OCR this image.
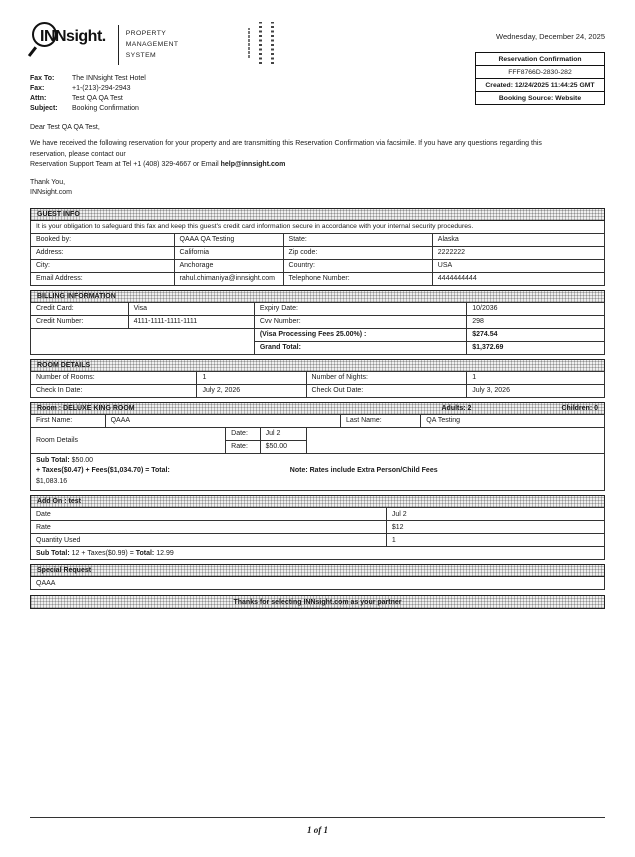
INNsight.	PROPERTY
MANAGEMENT
SYSTEM
Wednesday, December 24, 2025
Reservation Confirmation
FFF8766D-2830-282
Created: 12/24/2025 11:44:25 GMT
Booking Source: Website
Fax To:	The INNsight Test Hotel
Fax:	+1-(213)-294-2943
Attn:	Test QA QA Test
Subject: Booking Confirmation
Dear Test QA QA Test,
We have received the following reservation for your property and are transmitting this Reservation Confirmation via facsimile. If you have any questions regarding this reservation, please contact our
Reservation Support Team at Tel +1 (408) 329-4667 or Email help@innsight.com
Thank You,
INNsight.com
GUEST INFO
It is your obligation to safeguard this fax and keep this guest's credit card information secure in accordance with your internal security procedures.
Booked by:	QAAA QA Testing	State:	Alaska
Address:	California	Zip code:	2222222
City:	Anchorage	Country:	USA
Email Address:	rahul.chimaniya@innsight.com	Telephone Number:	4444444444
BILLING INFORMATION
Credit Card:	Visa	Expiry Date:	10/2036
Credit Number:	4111-1111-1111-1111	Cvv Number:	298
		(Visa Processing Fees 25.00%) :	$274.54
		Grand Total:	$1,372.69
ROOM DETAILS
Number of Rooms:	1	Number of Nights:	1
Check In Date:	July 2, 2026	Check Out Date:	July 3, 2026
Room : DELUXE KING ROOM	Adults: 2	Children: 0
First Name:	QAAA	Last Name:	QA Testing
Room Details	Date:	Jul 2	
	Rate:	$50.00	
Sub Total: $50.00
+ Taxes($0.47) + Fees($1,034.70) = Total:	Note: Rates include Extra Person/Child Fees
$1,083.16
Add On : test
Date	Jul 2
Rate	$12
Quantity Used	1
Sub Total: 12 + Taxes($0.99) = Total: 12.99
Special Request
QAAA
Thanks for selecting INNsight.com as your partner
1 of 1
